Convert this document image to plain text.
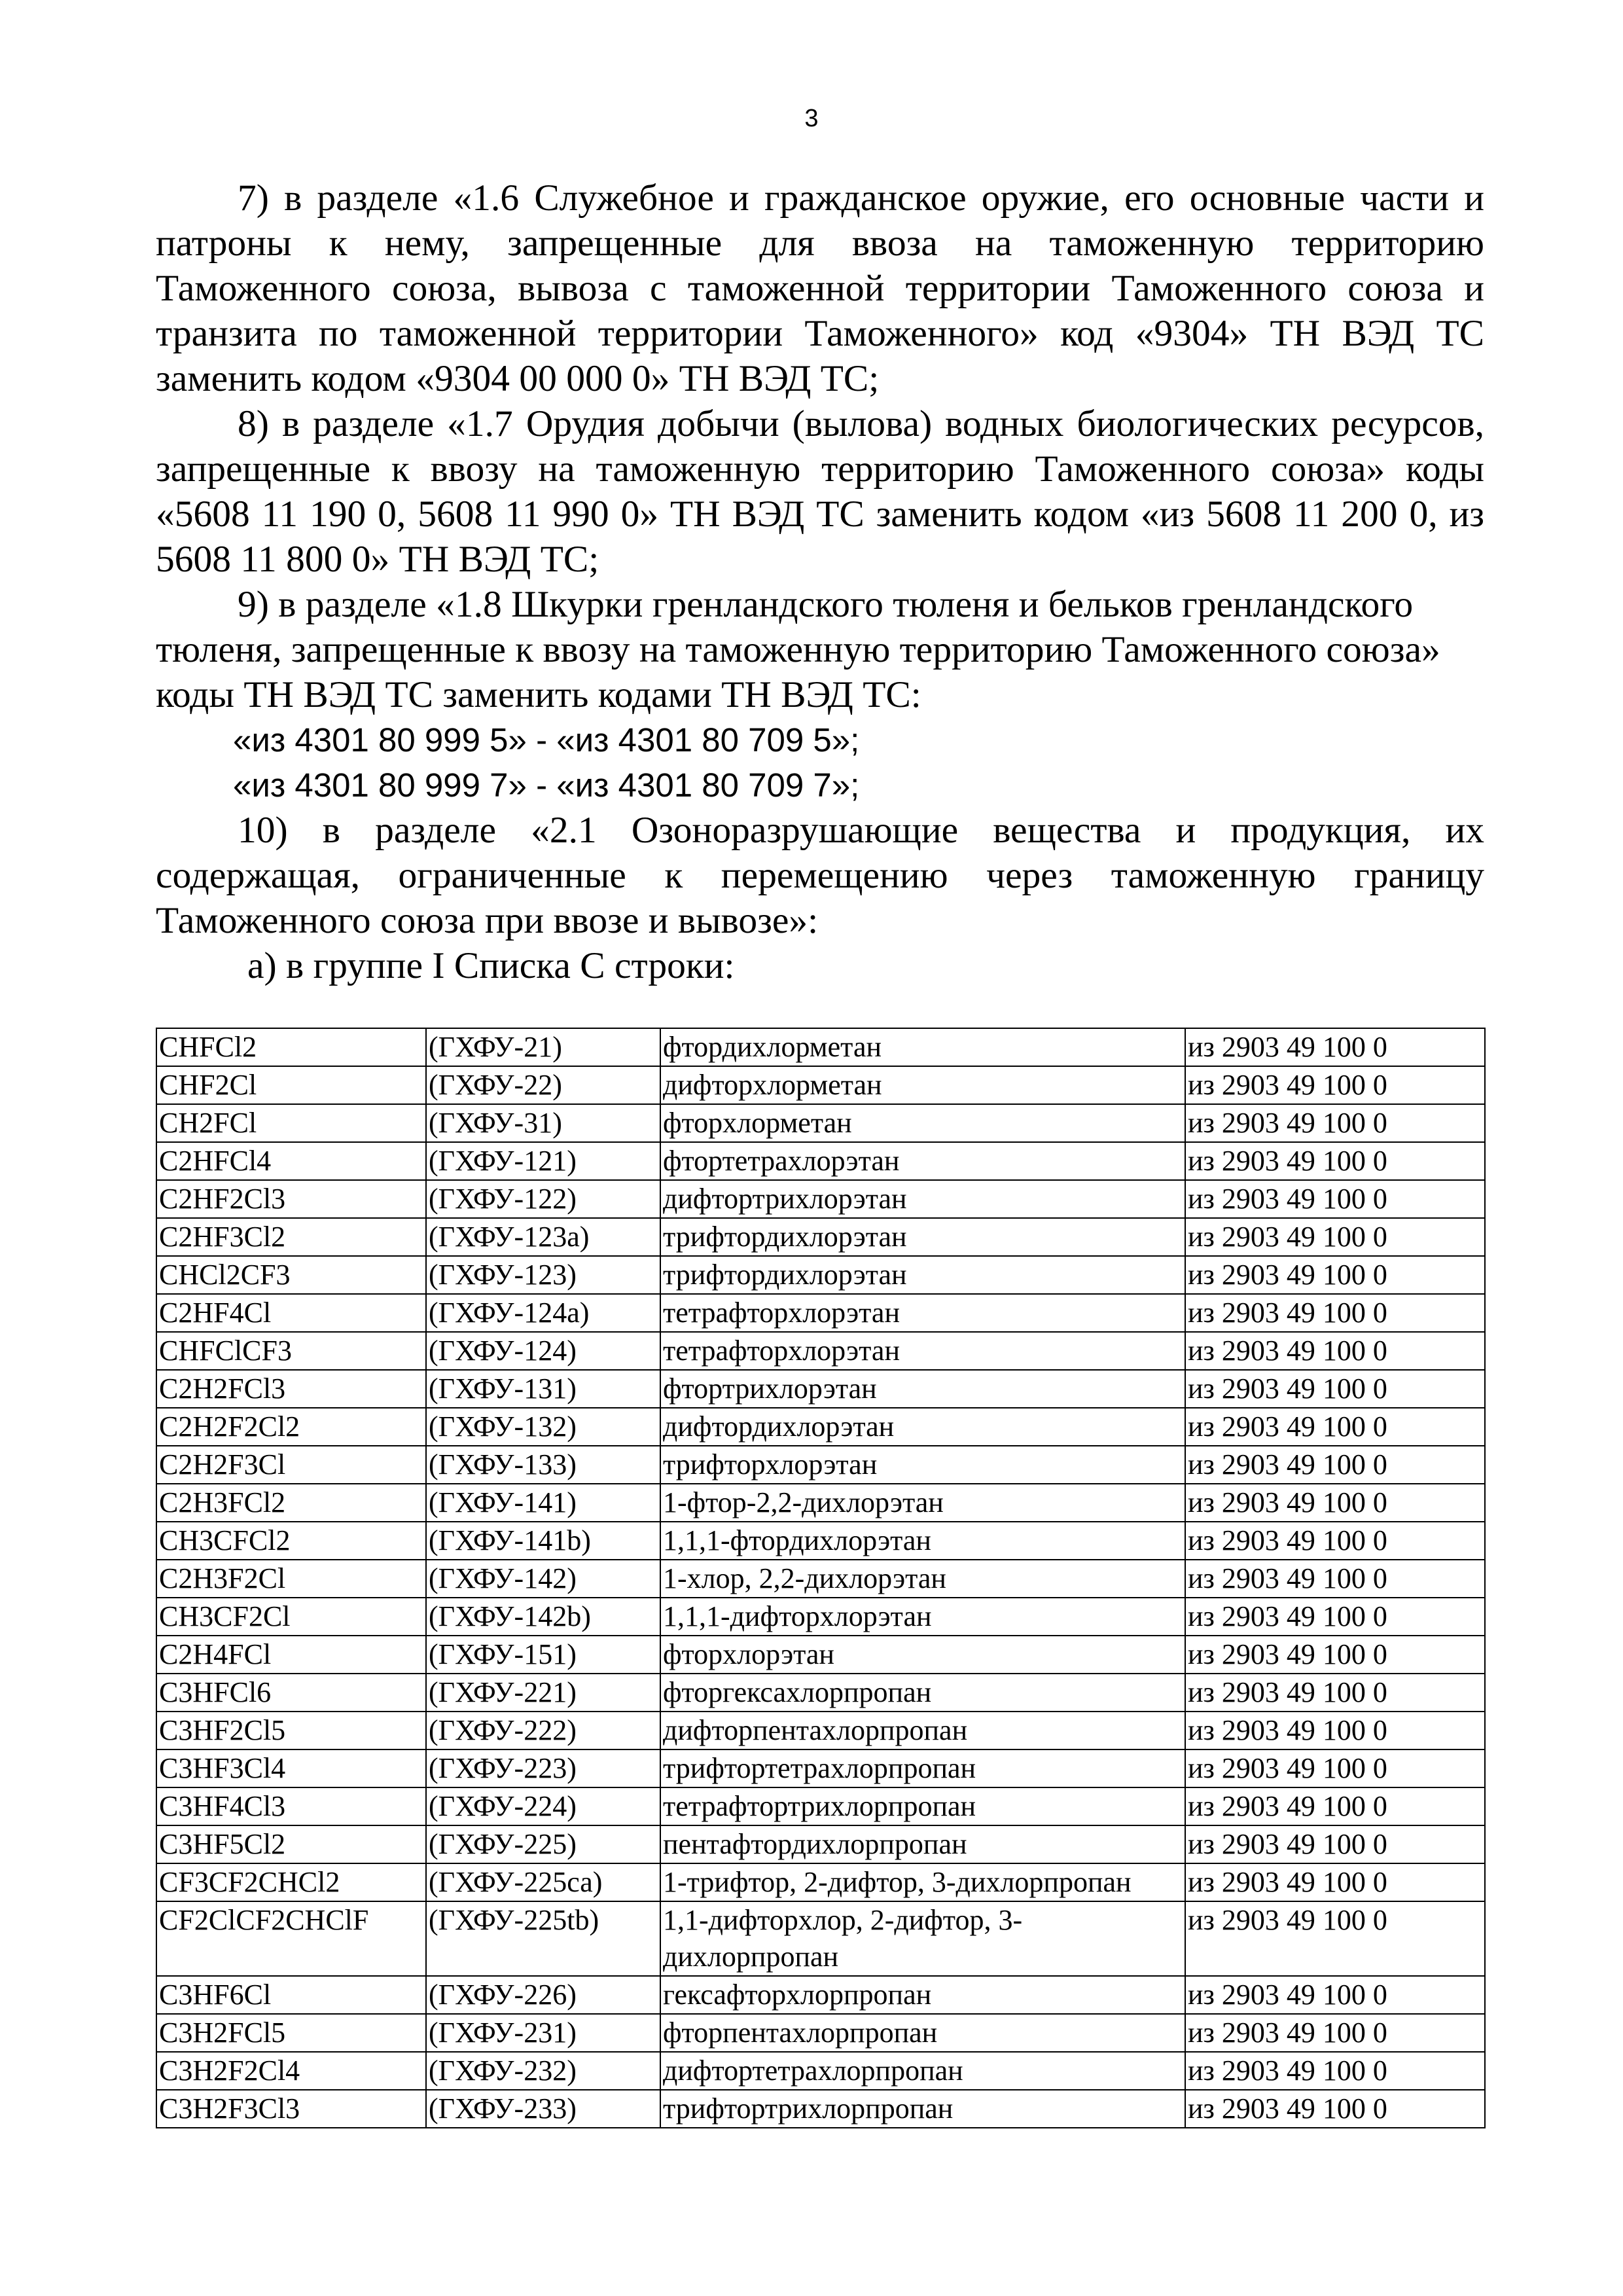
3

7) в разделе «1.6 Служебное и гражданское оружие, его основные части и патроны к нему, запрещенные для ввоза на таможенную территорию Таможенного союза, вывоза с таможенной территории Таможенного союза и транзита по таможенной территории Таможенного» код «9304» ТН ВЭД ТС заменить кодом «9304 00 000 0» ТН ВЭД ТС;

8) в разделе «1.7 Орудия добычи (вылова) водных биологических ресурсов, запрещенные к ввозу на таможенную территорию Таможенного союза» коды «5608 11 190 0, 5608 11 990 0» ТН ВЭД ТС заменить кодом «из 5608 11 200 0, из 5608 11 800 0» ТН ВЭД ТС;

9) в разделе «1.8 Шкурки гренландского тюленя и бельков гренландского тюленя, запрещенные к ввозу на таможенную территорию Таможенного союза» коды ТН ВЭД ТС заменить кодами ТН ВЭД ТС:

«из 4301 80 999 5» - «из 4301 80 709 5»;

«из 4301 80 999 7» - «из 4301 80 709 7»;

10) в разделе «2.1 Озоноразрушающие вещества и продукция, их содержащая, ограниченные к перемещению через таможенную границу Таможенного союза при ввозе и вывозе»:

а) в группе I Списка С строки:

CHFCl2	(ГХФУ-21)	фтордихлорметан	из 2903 49 100 0
CHF2Cl	(ГХФУ-22)	дифторхлорметан	из 2903 49 100 0
CH2FCl	(ГХФУ-31)	фторхлорметан	из 2903 49 100 0
C2HFCl4	(ГХФУ-121)	фтортетрахлорэтан	из 2903 49 100 0
C2HF2Cl3	(ГХФУ-122)	дифтортрихлорэтан	из 2903 49 100 0
C2HF3Cl2	(ГХФУ-123а)	трифтордихлорэтан	из 2903 49 100 0
CHCl2CF3	(ГХФУ-123)	трифтордихлорэтан	из 2903 49 100 0
C2HF4Cl	(ГХФУ-124а)	тетрафторхлорэтан	из 2903 49 100 0
CHFClCF3	(ГХФУ-124)	тетрафторхлорэтан	из 2903 49 100 0
C2H2FCl3	(ГХФУ-131)	фтортрихлорэтан	из 2903 49 100 0
C2H2F2Cl2	(ГХФУ-132)	дифтордихлорэтан	из 2903 49 100 0
C2H2F3Cl	(ГХФУ-133)	трифторхлорэтан	из 2903 49 100 0
C2H3FCl2	(ГХФУ-141)	1-фтор-2,2-дихлорэтан	из 2903 49 100 0
CH3CFCl2	(ГХФУ-141b)	1,1,1-фтордихлорэтан	из 2903 49 100 0
C2H3F2Cl	(ГХФУ-142)	1-хлор, 2,2-дихлорэтан	из 2903 49 100 0
CH3CF2Cl	(ГХФУ-142b)	1,1,1-дифторхлорэтан	из 2903 49 100 0
C2H4FCl	(ГХФУ-151)	фторхлорэтан	из 2903 49 100 0
C3HFCl6	(ГХФУ-221)	фторгексахлорпропан	из 2903 49 100 0
C3HF2Cl5	(ГХФУ-222)	дифторпентахлорпропан	из 2903 49 100 0
C3HF3Cl4	(ГХФУ-223)	трифтортетрахлорпропан	из 2903 49 100 0
C3HF4Cl3	(ГХФУ-224)	тетрафтортрихлорпропан	из 2903 49 100 0
C3HF5Cl2	(ГХФУ-225)	пентафтордихлорпропан	из 2903 49 100 0
CF3CF2CHCl2	(ГХФУ-225са)	1-трифтор, 2-дифтор, 3-дихлорпропан	из 2903 49 100 0
CF2ClCF2CHClF	(ГХФУ-225tb)	1,1-дифторхлор, 2-дифтор, 3-дихлорпропан	из 2903 49 100 0
C3HF6Cl	(ГХФУ-226)	гексафторхлорпропан	из 2903 49 100 0
C3H2FCl5	(ГХФУ-231)	фторпентахлорпропан	из 2903 49 100 0
C3H2F2Cl4	(ГХФУ-232)	дифтортетрахлорпропан	из 2903 49 100 0
C3H2F3Cl3	(ГХФУ-233)	трифтортрихлорпропан	из 2903 49 100 0
